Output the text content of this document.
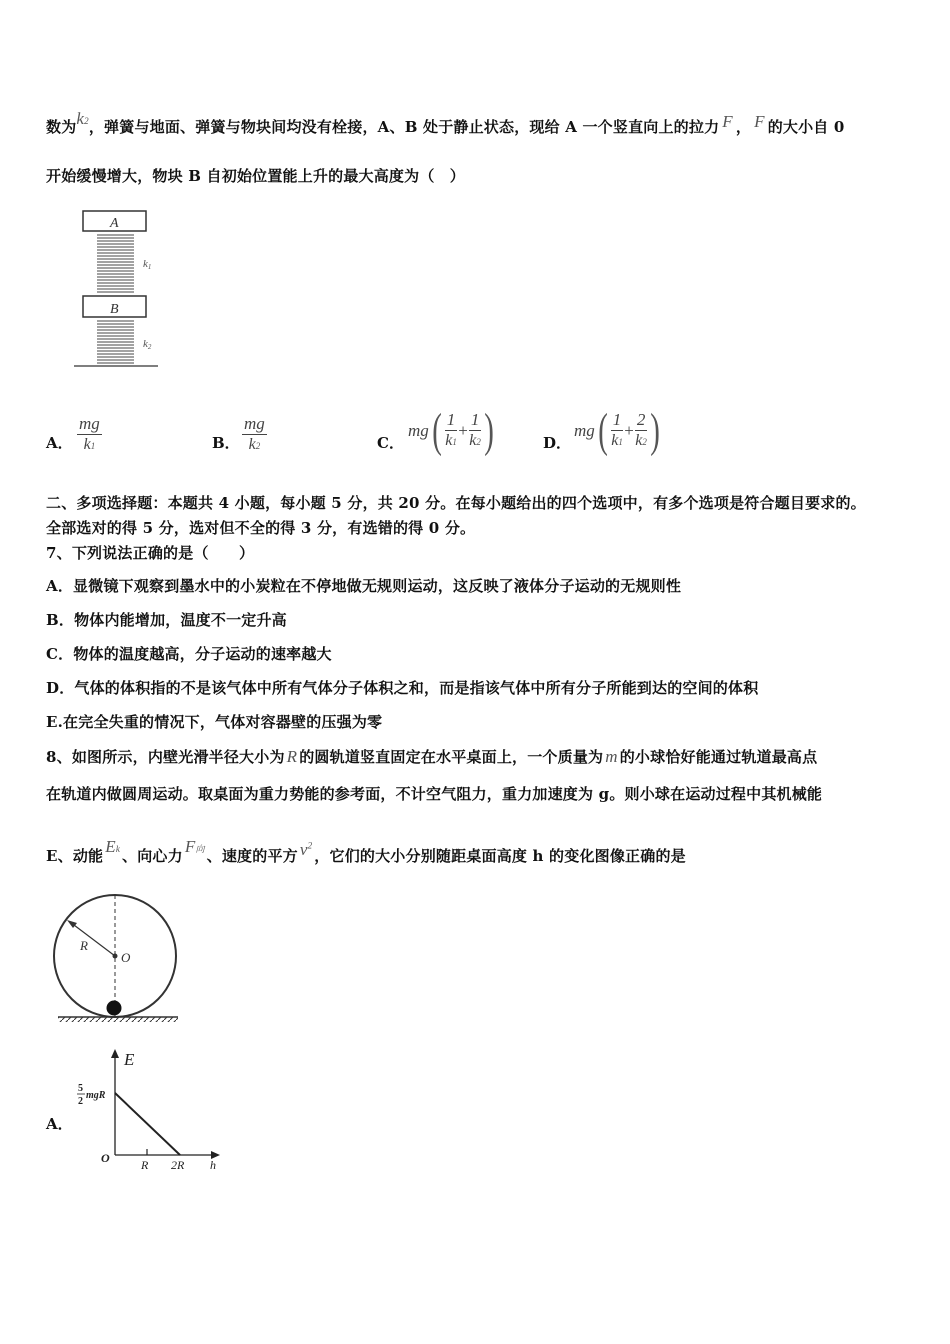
数为k2，弹簧与地面、弹簧与物块间均没有栓接，A、B 处于静止状态，现给 A 一个竖直向上的拉力 F ， F 的大小自 0
开始缓慢增大，物块 B 自初始位置能上升的最大高度为（　）
A
k1
B
k2
A． $\frac{mg}{k1}$	B． $\frac{mg}{k2}$	C．
$mg( \frac{1}{k1} + \frac{1}{k2}$ )	D．
$mg( \frac{1}{k1} + \frac{2}{k2}$ )
二、多项选择题：本题共 4 小题，每小题 5 分，共 20 分。在每小题给出的四个选项中，有多个选项是符合题目要求的。
全部选对的得 5 分，选对但不全的得 3 分，有选错的得 0 分。
7、下列说法正确的是（　　）
A．显微镜下观察到墨水中的小炭粒在不停地做无规则运动，这反映了液体分子运动的无规则性
B．物体内能增加，温度不一定升高
C．物体的温度越高，分子运动的速率越大
D．气体的体积指的不是该气体中所有气体分子体积之和，而是指该气体中所有分子所能到达的空间的体积
E.在完全失重的情况下，气体对容器壁的压强为零
8、如图所示，内壁光滑半径大小为 R 的圆轨道竖直固定在水平桌面上，一个质量为 m 的小球恰好能通过轨道最高点
在轨道内做圆周运动。取桌面为重力势能的参考面，不计空气阻力，重力加速度为 g。则小球在运动过程中其机械能
E、动能 Ek 、向心力 F向 、速度的平方 $v^2$，它们的大小分别随距桌面高度 h 的变化图像正确的是
R
O
A．
E
5
2
mgR
O	R 2R h
